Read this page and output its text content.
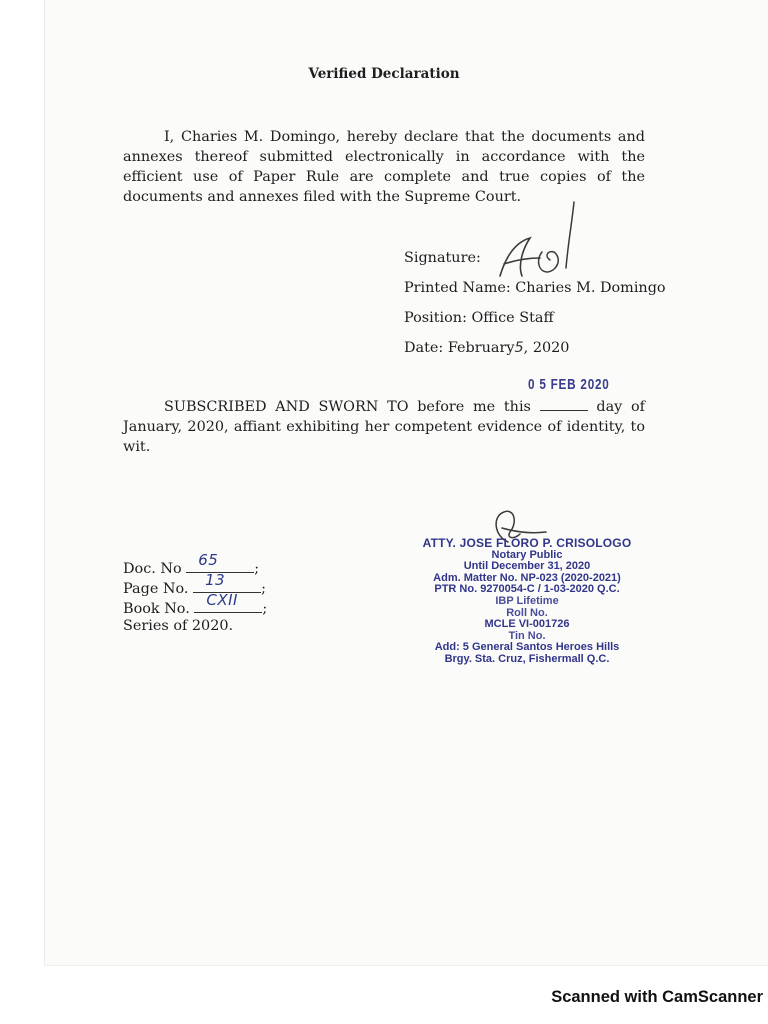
Verified Declaration
I, Charies M. Domingo, hereby declare that the documents and annexes thereof submitted electronically in accordance with the efficient use of Paper Rule are complete and true copies of the documents and annexes filed with the Supreme Court.
Signature:
Printed Name: Charies M. Domingo
Position: Office Staff
Date: February5, 2020
0 5 FEB 2020
SUBSCRIBED AND SWORN TO before me this	day of January, 2020, affiant exhibiting her competent evidence of identity, to wit.
Doc. No 65 ;
Page No. 13 ;
Book No. CXII ;
Series of 2020.
ATTY. JOSE FLORO P. CRISOLOGO
Notary Public
Until December 31, 2020
Adm. Matter No. NP-023 (2020-2021)
PTR No. 9270054-C / 1-03-2020 Q.C.
IBP Lifetime
Roll No.
MCLE VI-001726
Tin No.
Add: 5 General Santos Heroes Hills
Brgy. Sta. Cruz, Fishermall Q.C.
Scanned with CamScanner
